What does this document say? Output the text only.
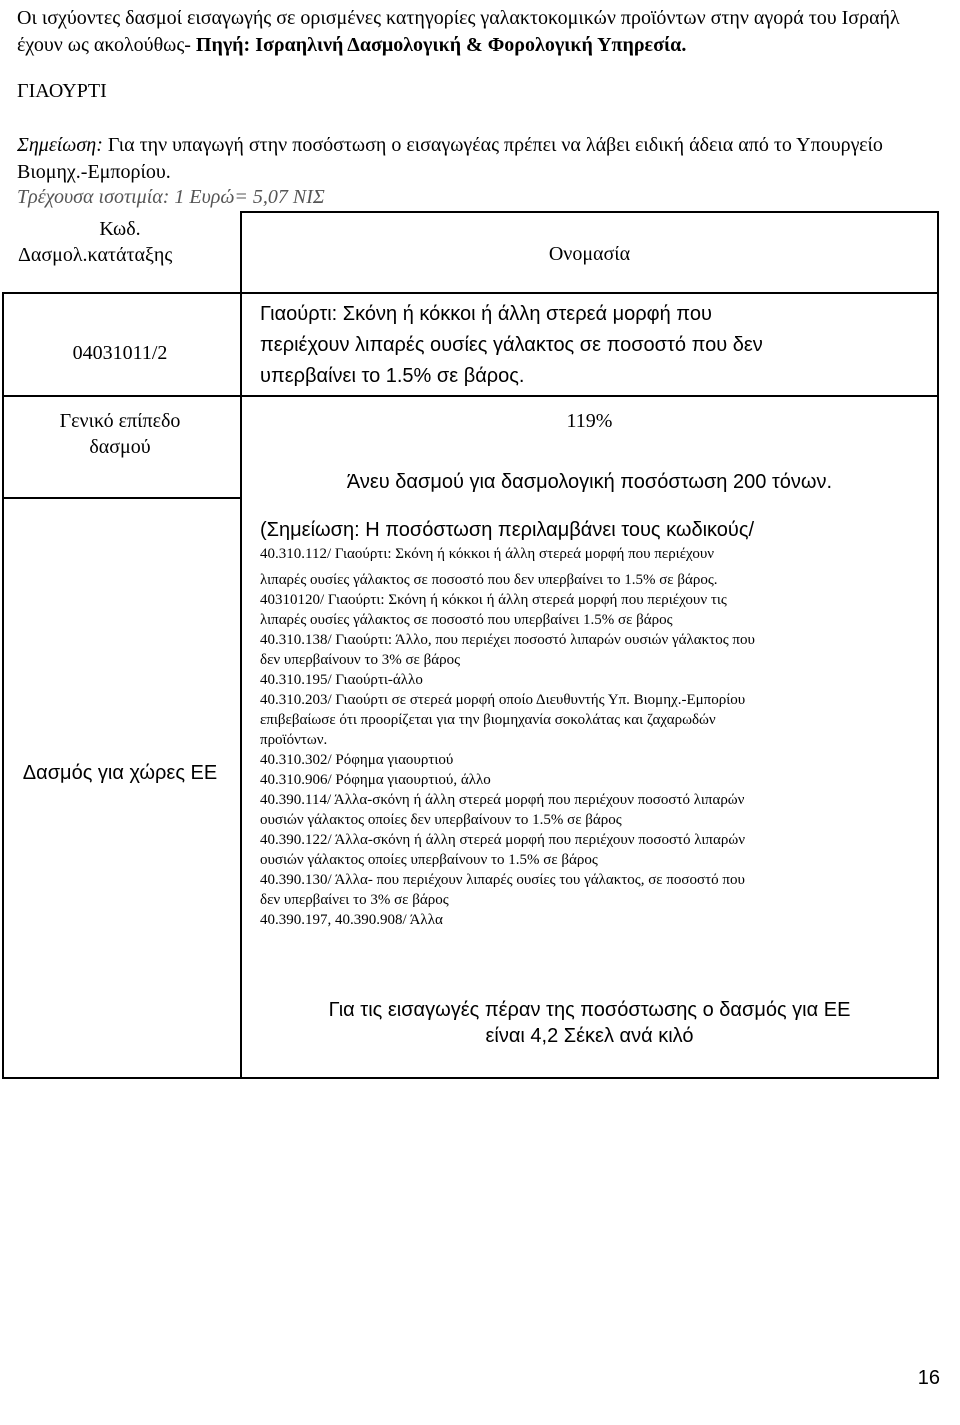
Οι ισχύοντες δασμοί εισαγωγής σε ορισμένες κατηγορίες γαλακτοκομικών προϊόντων στην αγορά του Ισραήλ έχουν ως ακολούθως- Πηγή: Ισραηλινή Δασμολογική & Φορολογική Υπηρεσία.
ΓΙΑΟΥΡΤΙ
Σημείωση: Για την υπαγωγή στην ποσόστωση ο εισαγωγέας πρέπει να λάβει ειδική άδεια από το Υπουργείο Βιομηχ.-Εμπορίου.
Τρέχουσα ισοτιμία: 1 Ευρώ= 5,07 ΝΙΣ
Κωδ.
Δασμολ.κατάταξης	Ονομασία
04031011/2
Γιαούρτι: Σκόνη ή κόκκοι ή άλλη στερεά μορφή που
περιέχουν λιπαρές ουσίες γάλακτος σε ποσοστό που δεν
υπερβαίνει το 1.5% σε βάρος.
Γενικό επίπεδο
δασμού
119%
Δασμός για χώρες ΕΕ
Άνευ δασμού για δασμολογική ποσόστωση 200 τόνων.
(Σημείωση: Η ποσόστωση περιλαμβάνει τους κωδικούς/
40.310.112/ Γιαούρτι: Σκόνη ή κόκκοι ή άλλη στερεά μορφή που περιέχουν
λιπαρές ουσίες γάλακτος σε ποσοστό που δεν υπερβαίνει το 1.5% σε βάρος.
40310120/ Γιαούρτι: Σκόνη ή κόκκοι ή άλλη στερεά μορφή που περιέχουν τις
λιπαρές ουσίες γάλακτος σε ποσοστό που υπερβαίνει 1.5% σε βάρος
40.310.138/ Γιαούρτι: Άλλο, που περιέχει ποσοστό λιπαρών ουσιών γάλακτος που
δεν υπερβαίνουν το 3% σε βάρος
40.310.195/ Γιαούρτι-άλλο
40.310.203/ Γιαούρτι σε στερεά μορφή οποίο Διευθυντής Υπ. Βιομηχ.-Εμπορίου
επιβεβαίωσε ότι προορίζεται για την βιομηχανία σοκολάτας και ζαχαρωδών
προϊόντων.
40.310.302/ Ρόφημα γιαουρτιού
40.310.906/ Ρόφημα γιαουρτιού, άλλο
40.390.114/ Άλλα-σκόνη ή άλλη στερεά μορφή που περιέχουν ποσοστό λιπαρών
ουσιών γάλακτος οποίες δεν υπερβαίνουν το 1.5% σε βάρος
40.390.122/ Άλλα-σκόνη ή άλλη στερεά μορφή που περιέχουν ποσοστό λιπαρών
ουσιών γάλακτος οποίες υπερβαίνουν το 1.5% σε βάρος
40.390.130/ Άλλα- που περιέχουν λιπαρές ουσίες του γάλακτος, σε ποσοστό που
δεν υπερβαίνει το 3% σε βάρος
40.390.197, 40.390.908/ Άλλα
Για τις εισαγωγές πέραν της ποσόστωσης ο δασμός για ΕΕ
είναι 4,2 Σέκελ ανά κιλό
16
